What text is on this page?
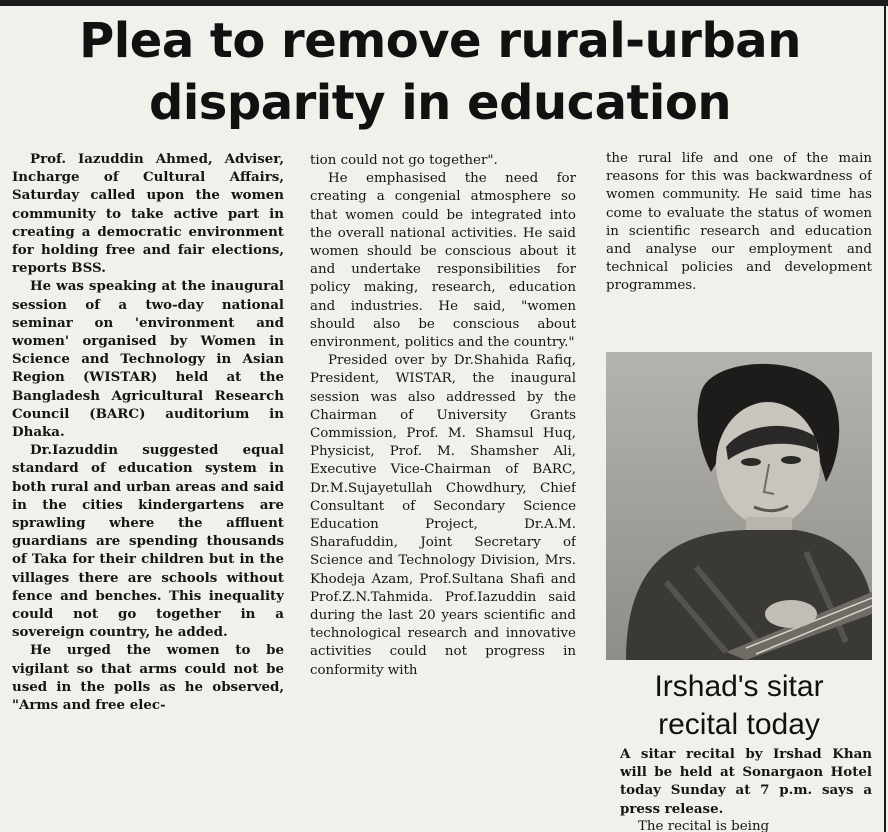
Plea to remove rural-urban
disparity in education

Prof. Iazuddin Ahmed, Adviser, Incharge of Cultural Affairs, Saturday called upon the women community to take active part in creating a democratic environment for holding free and fair elections, reports BSS.

He was speaking at the inaugural session of a two-day national seminar on 'environment and women' organised by Women in Science and Technology in Asian Region (WISTAR) held at the Bangladesh Agricultural Research Council (BARC) auditorium in Dhaka.

Dr.Iazuddin suggested equal standard of education system in both rural and urban areas and said in the cities kindergartens are sprawling where the affluent guardians are spending thousands of Taka for their children but in the villages there are schools without fence and benches. This inequality could not go together in a sovereign country, he added.

He urged the women to be vigilant so that arms could not be used in the polls as he observed, "Arms and free elec-

tion could not go together".

He emphasised the need for creating a congenial atmosphere so that women could be integrated into the overall national activities. He said women should be conscious about it and undertake responsibilities for policy making, research, education and industries. He said, "women should also be conscious about environment, politics and the country."

Presided over by Dr.Shahida Rafiq, President, WISTAR, the inaugural session was also addressed by the Chairman of University Grants Commission, Prof. M. Shamsul Huq, Physicist, Prof. M. Shamsher Ali, Executive Vice-Chairman of BARC, Dr.M.Sujayetullah Chowdhury, Chief Consultant of Secondary Science Education Project, Dr.A.M. Sharafuddin, Joint Secretary of Science and Technology Division, Mrs. Khodeja Azam, Prof.Sultana Shafi and Prof.Z.N.Tahmida. Prof.Iazuddin said during the last 20 years scientific and technological research and innovative activities could not progress in conformity with

the rural life and one of the main reasons for this was backwardness of women community. He said time has come to evaluate the status of women in scientific research and education and analyse our employment and technical policies and development programmes.

Irshad's sitar
recital today

A sitar recital by Irshad Khan will be held at Sonargaon Hotel today Sunday at 7 p.m. says a press release.

The recital is being
